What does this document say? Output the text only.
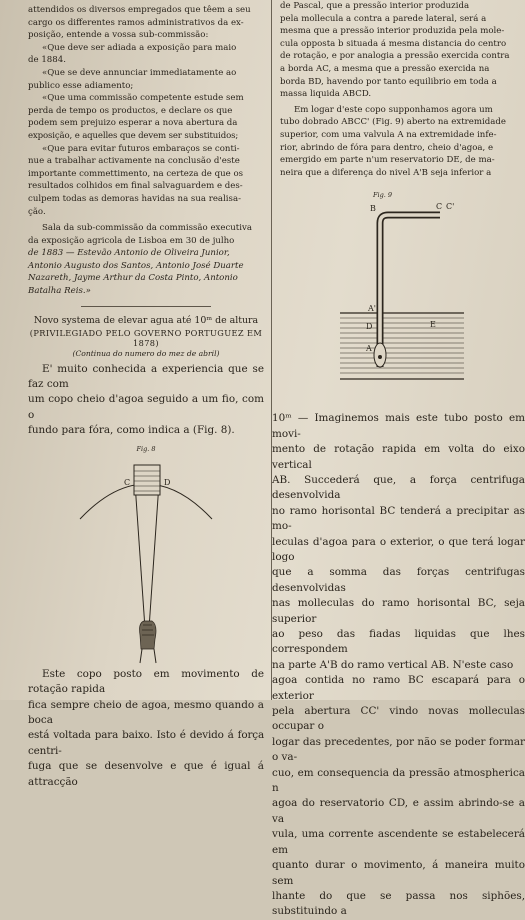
attendidos os diversos empregados que têem a seu

cargo os differentes ramos administrativos da ex-

posição, entende a vossa sub-commissão:

«Que deve ser adiada a exposição para maio

de 1884.

«Que se deve annunciar immediatamente ao

publico esse adiamento;

«Que uma commissão competente estude sem

perda de tempo os productos, e declare os que

podem sem prejuizo esperar a nova abertura da

exposição, e aquelles que devem ser substituidos;

«Que para evitar futuros embaraços se conti-

nue a trabalhar activamente na conclusão d'este

importante commettimento, na certeza de que os

resultados colhidos em final salvaguardem e des-

culpem todas as demoras havidas na sua realisa-

ção.

Sala da sub-commissão da commissão executiva

da exposição agricola de Lisboa em 30 de julho

de 1883 — Estevão Antonio de Oliveira Junior,

Antonio Augusto dos Santos, Antonio José Duarte

Nazareth, Jayme Arthur da Costa Pinto, Antonio

Batalha Reis.»

Novo systema de elevar agua até 10ᵐ de altura
(PRIVILEGIADO PELO GOVERNO PORTUGUEZ EM 1878)
(Continua do numero do mez de abril)

E' muito conhecida a experiencia que se faz com

um copo cheio d'agoa seguido a um fio, com o

fundo para fóra, como indica a (Fig. 8).

Fig. 8
C	D

Este copo posto em movimento de rotação rapida

fica sempre cheio de agoa, mesmo quando a boca

está voltada para baixo. Isto é devido á força centri-

fuga que se desenvolve e que é igual á attracção

de Pascal, que a pressão interior produzida

pela mollecula a contra a parede lateral, será a

mesma que a pressão interior produzida pela mole-

cula opposta b situada á mesma distancia do centro

de rotação, e por analogia a pressão exercida contra

a borda AC, a mesma que a pressão exercida na

borda BD, havendo por tanto equilibrio em toda a

massa liquida ABCD.

Em logar d'este copo supponhamos agora um

tubo dobrado ABCC' (Fig. 9) aberto na extremidade

superior, com uma valvula A na extremidade infe-

rior, abrindo de fóra para dentro, cheio d'agoa, e

emergido em parte n'um reservatorio DE, de ma-

neira que a diferença do nivel A'B seja inferior a

Fig. 9
B	C C'
A'
D	E
A

10ᵐ — Imaginemos mais este tubo posto em movi-

mento de rotação rapida em volta do eixo vertical

AB. Succederá que, a força centrifuga desenvolvida

no ramo horisontal BC tenderá a precipitar as mo-

leculas d'agoa para o exterior, o que terá logar logo

que a somma das forças centrifugas desenvolvidas

nas molleculas do ramo horisontal BC, seja superior

ao peso das fiadas liquidas que lhes correspondem

na parte A'B do ramo vertical AB. N'este caso

agoa contida no ramo BC escapará para o exterior

pela abertura CC' vindo novas molleculas occupar o

logar das precedentes, por não se poder formar o va-

cuo, em consequencia da pressão atmospherica n

agoa do reservatorio CD, e assim abrindo-se a va

vula, uma corrente ascendente se estabelecerá em

quanto durar o movimento, á maneira muito sem

lhante do que se passa nos siphões, substituindo a
